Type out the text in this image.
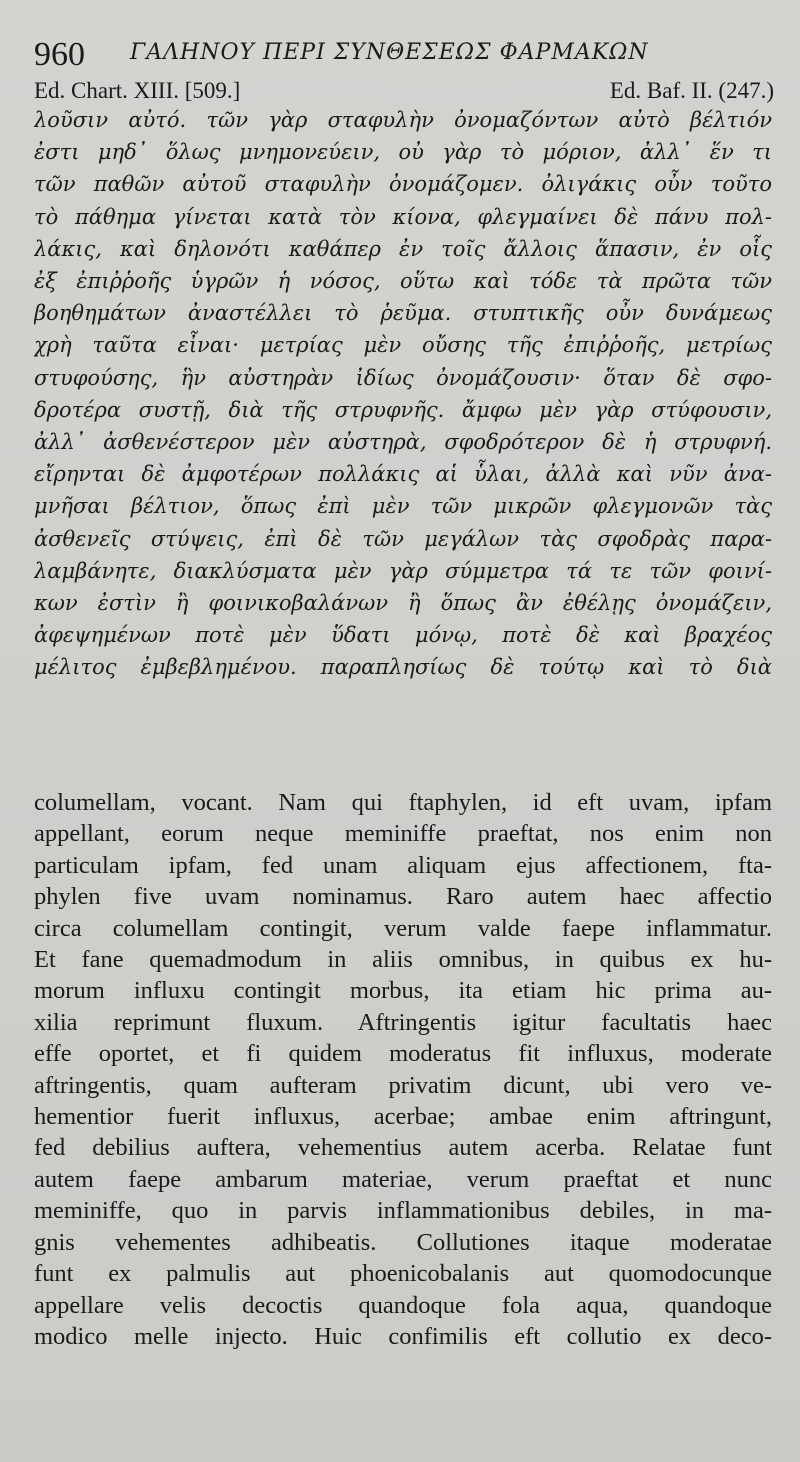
960 ΓΑΛΗΝΟΥ ΠΕΡΙ ΣΥΝΘΕΣΕΩΣ ΦΑΡΜΑΚΩΝ
Ed. Chart. XIII. [509.]	Ed. Baf. II. (247.)
λοῦσιν αὐτό. τῶν γὰρ σταφυλὴν ὀνομαζόντων αὐτὸ βέλτιόν
ἐστι μηδ᾽ ὅλως μνημονεύειν, οὐ γὰρ τὸ μόριον, ἀλλ᾽ ἕν τι
τῶν παθῶν αὐτοῦ σταφυλὴν ὀνομάζομεν. ὀλιγάκις οὖν τοῦτο
τὸ πάθημα γίνεται κατὰ τὸν κίονα, φλεγμαίνει δὲ πάνυ πολ-
λάκις, καὶ δηλονότι καθάπερ ἐν τοῖς ἄλλοις ἅπασιν, ἐν οἷς
ἐξ ἐπιῤῥοῆς ὑγρῶν ἡ νόσος, οὕτω καὶ τόδε τὰ πρῶτα τῶν
βοηθημάτων ἀναστέλλει τὸ ῥεῦμα. στυπτικῆς οὖν δυνάμεως
χρὴ ταῦτα εἶναι· μετρίας μὲν οὔσης τῆς ἐπιῤῥοῆς, μετρίως
στυφούσης, ἣν αὐστηρὰν ἰδίως ὀνομάζουσιν· ὅταν δὲ σφο-
δροτέρα συστῇ, διὰ τῆς στρυφνῆς. ἄμφω μὲν γὰρ στύφουσιν,
ἀλλ᾽ ἀσθενέστερον μὲν αὐστηρὰ, σφοδρότερον δὲ ἡ στρυφνή.
εἴρηνται δὲ ἀμφοτέρων πολλάκις αἱ ὗλαι, ἀλλὰ καὶ νῦν ἀνα-
μνῆσαι βέλτιον, ὅπως ἐπὶ μὲν τῶν μικρῶν φλεγμονῶν τὰς
ἀσθενεῖς στύψεις, ἐπὶ δὲ τῶν μεγάλων τὰς σφοδρὰς παρα-
λαμβάνητε, διακλύσματα μὲν γὰρ σύμμετρα τά τε τῶν φοινί-
κων ἐστὶν ἢ φοινικοβαλάνων ἢ ὅπως ἂν ἐθέλῃς ὀνομάζειν,
ἀφεψημένων ποτὲ μὲν ὕδατι μόνῳ, ποτὲ δὲ καὶ βραχέος
μέλιτος ἐμβεβλημένου. παραπλησίως δὲ τούτῳ καὶ τὸ διὰ
columellam, vocant. Nam qui ftaphylen, id eft uvam, ipfam
appellant, eorum neque meminiffe praeftat, nos enim non
particulam ipfam, fed unam aliquam ejus affectionem, fta-
phylen five uvam nominamus. Raro autem haec affectio
circa columellam contingit, verum valde faepe inflammatur.
Et fane quemadmodum in aliis omnibus, in quibus ex hu-
morum influxu contingit morbus, ita etiam hic prima au-
xilia reprimunt fluxum. Aftringentis igitur facultatis haec
effe oportet, et fi quidem moderatus fit influxus, moderate
aftringentis, quam aufteram privatim dicunt, ubi vero ve-
hementior fuerit influxus, acerbae; ambae enim aftringunt,
fed debilius auftera, vehementius autem acerba. Relatae funt
autem faepe ambarum materiae, verum praeftat et nunc
meminiffe, quo in parvis inflammationibus debiles, in ma-
gnis vehementes adhibeatis. Collutiones itaque moderatae
funt ex palmulis aut phoenicobalanis aut quomodocunque
appellare velis decoctis quandoque fola aqua, quandoque
modico melle injecto. Huic confimilis eft collutio ex deco-
